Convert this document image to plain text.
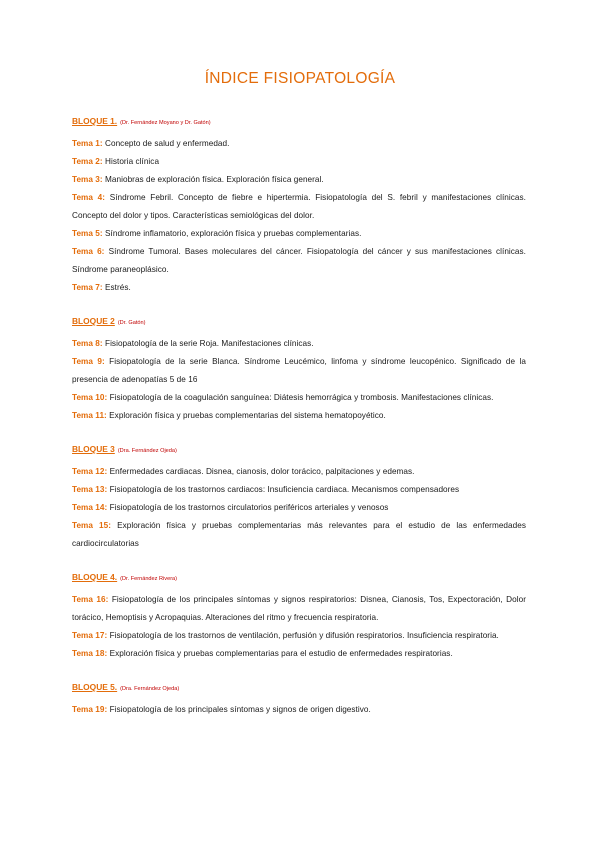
ÍNDICE FISIOPATOLOGÍA
BLOQUE 1. (Dr. Fernández Moyano y Dr. Gatón)
Tema 1: Concepto de salud y enfermedad.
Tema 2: Historia clínica
Tema 3: Maniobras de exploración física. Exploración física general.
Tema 4: Síndrome Febril. Concepto de fiebre e hipertermia. Fisiopatología del S. febril y manifestaciones clínicas. Concepto del dolor y tipos. Características semiológicas del dolor.
Tema 5: Síndrome inflamatorio, exploración física y pruebas complementarias.
Tema 6: Síndrome Tumoral. Bases moleculares del cáncer. Fisiopatología del cáncer y sus manifestaciones clínicas. Síndrome paraneoplásico.
Tema 7: Estrés.
BLOQUE 2 (Dr. Gatón)
Tema 8: Fisiopatología de la serie Roja. Manifestaciones clínicas.
Tema 9: Fisiopatología de la serie Blanca. Síndrome Leucémico, linfoma y síndrome leucopénico. Significado de la presencia de adenopatías 5 de 16
Tema 10: Fisiopatología de la coagulación sanguínea: Diátesis hemorrágica y trombosis. Manifestaciones clínicas.
Tema 11: Exploración física y pruebas complementarias del sistema hematopoyético.
BLOQUE 3 (Dra. Fernández Ojeda)
Tema 12: Enfermedades cardiacas. Disnea, cianosis, dolor torácico, palpitaciones y edemas.
Tema 13: Fisiopatología de los trastornos cardiacos: Insuficiencia cardiaca. Mecanismos compensadores
Tema 14: Fisiopatología de los trastornos circulatorios periféricos arteriales y venosos
Tema 15: Exploración física y pruebas complementarias más relevantes para el estudio de las enfermedades cardiocirculatorias
BLOQUE 4. (Dr. Fernández Rivera)
Tema 16: Fisiopatología de los principales síntomas y signos respiratorios: Disnea, Cianosis, Tos, Expectoración, Dolor torácico, Hemoptisis y Acropaquias. Alteraciones del ritmo y frecuencia respiratoria.
Tema 17: Fisiopatología de los trastornos de ventilación, perfusión y difusión respiratorios. Insuficiencia respiratoria.
Tema 18: Exploración física y pruebas complementarias para el estudio de enfermedades respiratorias.
BLOQUE 5. (Dra. Fernández Ojeda)
Tema 19: Fisiopatología de los principales síntomas y signos de origen digestivo.
